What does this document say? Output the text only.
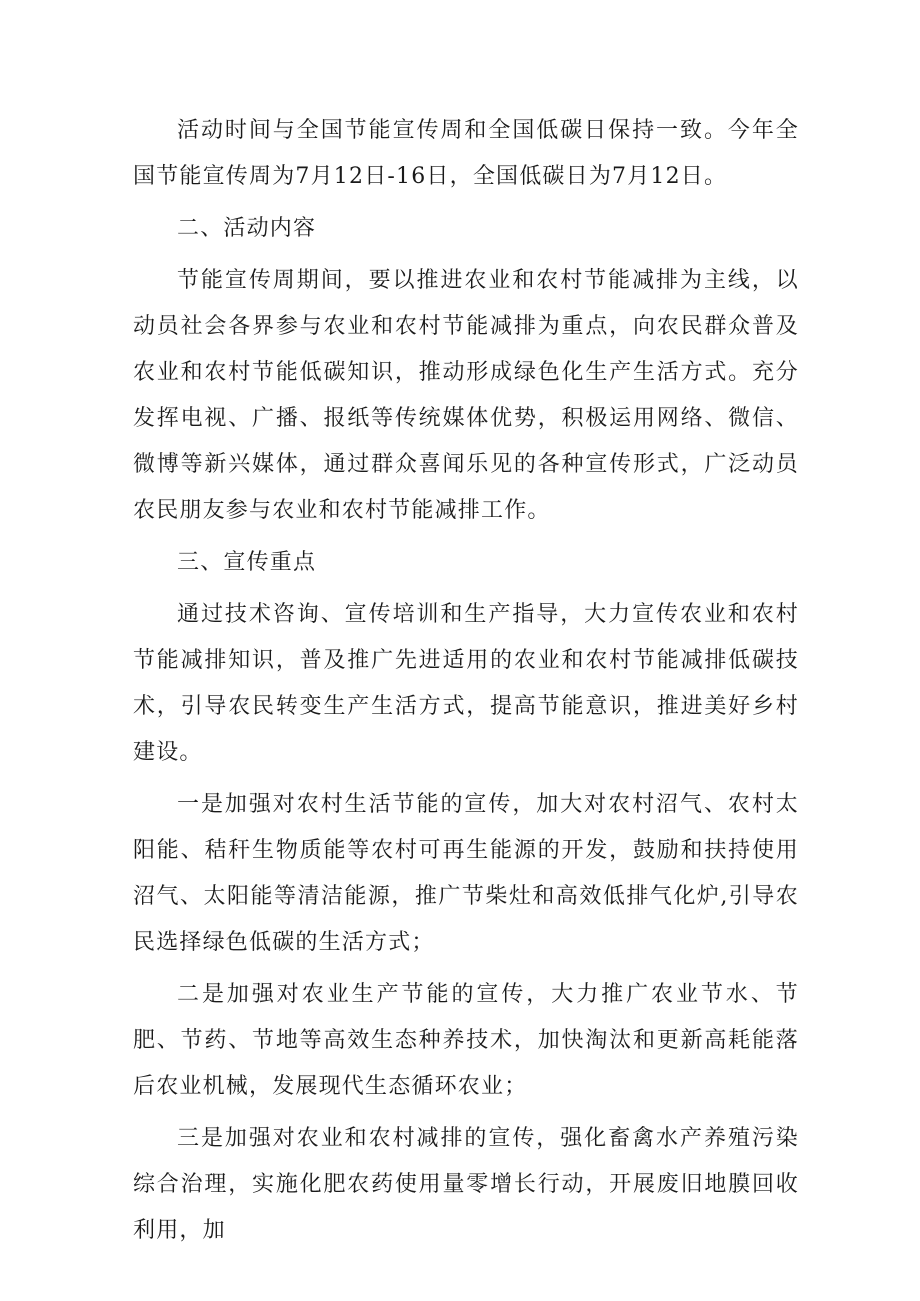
活动时间与全国节能宣传周和全国低碳日保持一致。今年全国节能宣传周为7月12日-16日，全国低碳日为7月12日。

二、活动内容

节能宣传周期间，要以推进农业和农村节能减排为主线，以动员社会各界参与农业和农村节能减排为重点，向农民群众普及农业和农村节能低碳知识，推动形成绿色化生产生活方式。充分发挥电视、广播、报纸等传统媒体优势，积极运用网络、微信、微博等新兴媒体，通过群众喜闻乐见的各种宣传形式，广泛动员农民朋友参与农业和农村节能减排工作。

三、宣传重点

通过技术咨询、宣传培训和生产指导，大力宣传农业和农村节能减排知识，普及推广先进适用的农业和农村节能减排低碳技术，引导农民转变生产生活方式，提高节能意识，推进美好乡村建设。

一是加强对农村生活节能的宣传，加大对农村沼气、农村太阳能、秸秆生物质能等农村可再生能源的开发，鼓励和扶持使用沼气、太阳能等清洁能源，推广节柴灶和高效低排气化炉,引导农民选择绿色低碳的生活方式；

二是加强对农业生产节能的宣传，大力推广农业节水、节肥、节药、节地等高效生态种养技术，加快淘汰和更新高耗能落后农业机械，发展现代生态循环农业；

三是加强对农业和农村减排的宣传，强化畜禽水产养殖污染综合治理，实施化肥农药使用量零增长行动，开展废旧地膜回收利用，加
